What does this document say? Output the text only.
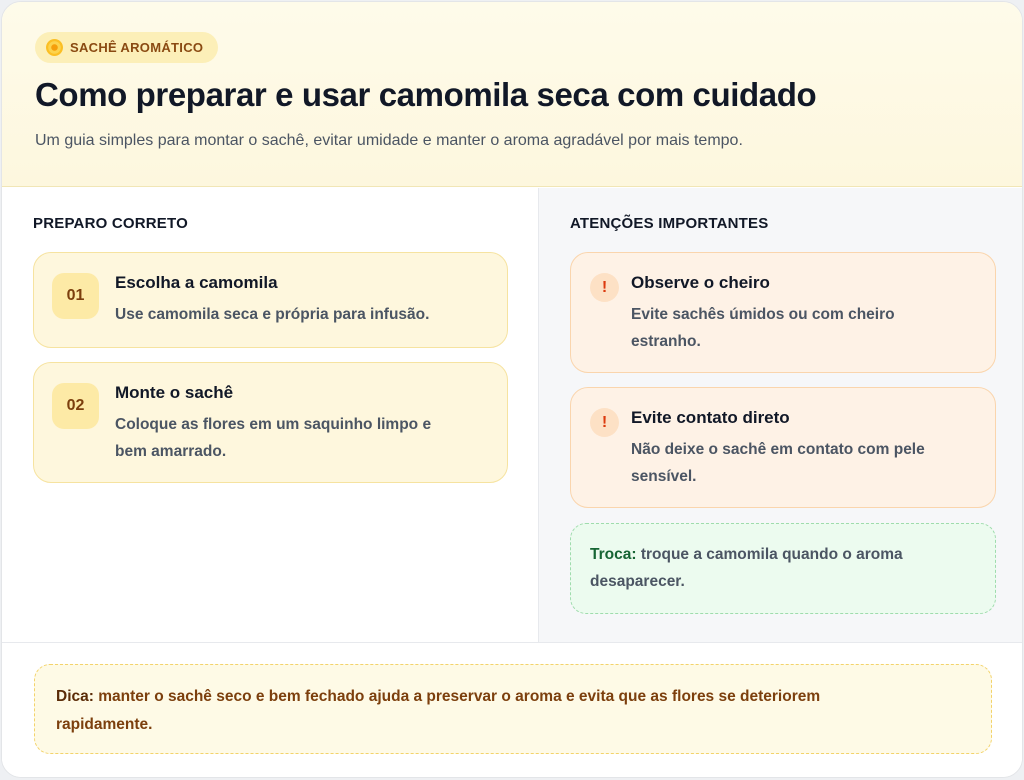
SACHÊ AROMÁTICO
Como preparar e usar camomila seca com cuidado

Um guia simples para montar o sachê, evitar umidade e manter o aroma agradável por mais tempo.

PREPARO CORRETO
01
Escolha a camomila
Use camomila seca e própria para infusão.
02
Monte o sachê
Coloque as flores em um saquinho limpo e
bem amarrado.
ATENÇÕES IMPORTANTES
!	Observe o cheiro
Evite sachês úmidos ou com cheiro
estranho.
!	Evite contato direto
Não deixe o sachê em contato com pele
sensível.

Troca: troque a camomila quando o aroma
desaparecer.

Dica: manter o sachê seco e bem fechado ajuda a preservar o aroma e evita que as flores se deteriorem
rapidamente.
